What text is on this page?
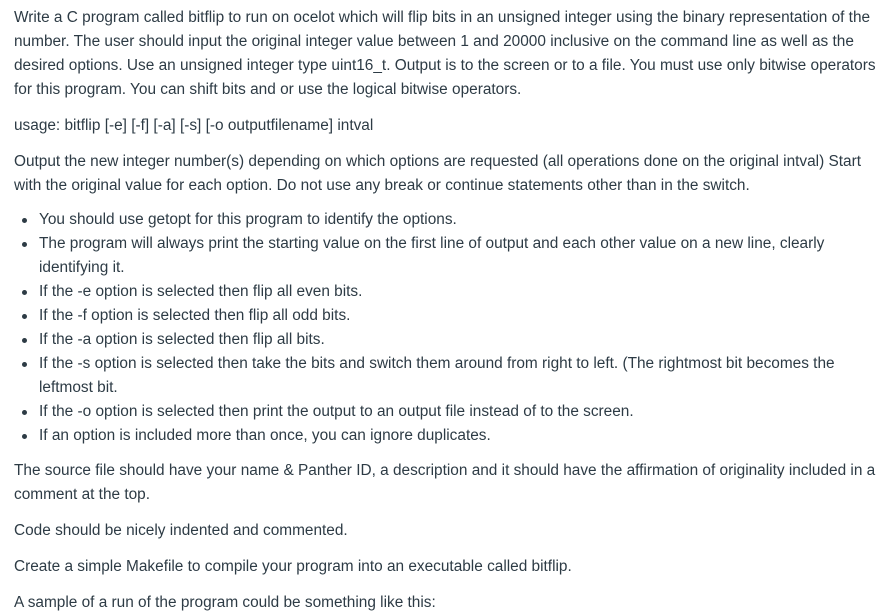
Write a C program called bitflip to run on ocelot which will flip bits in an unsigned integer using the binary representation of the number. The user should input the original integer value between 1 and 20000 inclusive on the command line as well as the desired options. Use an unsigned integer type uint16_t. Output is to the screen or to a file. You must use only bitwise operators for this program. You can shift bits and or use the logical bitwise operators.

usage: bitflip [-e] [-f] [-a] [-s] [-o outputfilename] intval

Output the new integer number(s) depending on which options are requested (all operations done on the original intval) Start with the original value for each option. Do not use any break or continue statements other than in the switch.

You should use getopt for this program to identify the options.
The program will always print the starting value on the first line of output and each other value on a new line, clearly identifying it.
If the -e option is selected then flip all even bits.
If the -f option is selected then flip all odd bits.
If the -a option is selected then flip all bits.
If the -s option is selected then take the bits and switch them around from right to left. (The rightmost bit becomes the leftmost bit.
If the -o option is selected then print the output to an output file instead of to the screen.
If an option is included more than once, you can ignore duplicates.

The source file should have your name & Panther ID, a description and it should have the affirmation of originality included in a comment at the top.

Code should be nicely indented and commented.

Create a simple Makefile to compile your program into an executable called bitflip.

A sample of a run of the program could be something like this:
